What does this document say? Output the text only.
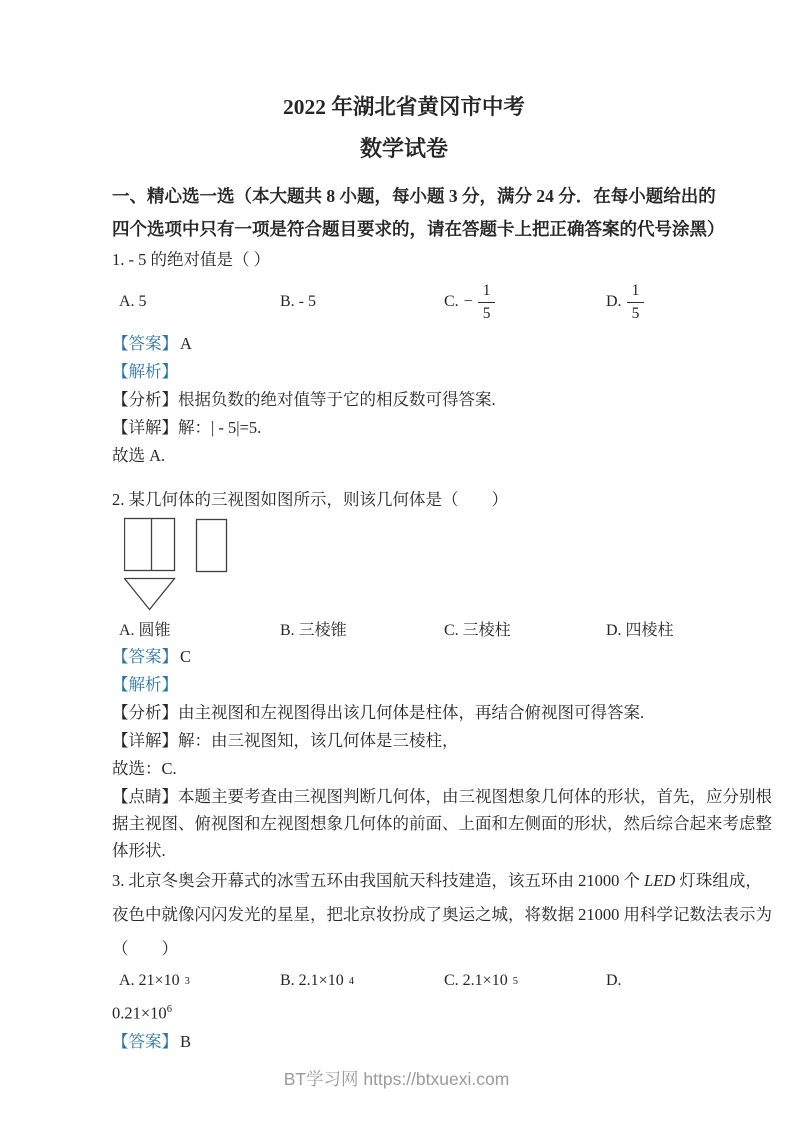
2022 年湖北省黄冈市中考
数学试卷
一、精心选一选（本大题共 8 小题，每小题 3 分，满分 24 分．在每小题给出的
四个选项中只有一项是符合题目要求的，请在答题卡上把正确答案的代号涂黑）
1. - 5 的绝对值是（ ）
A. 5	B. - 5	C. − $\frac{1}{5}$	D. $\frac{1}{5}$
【答案】 A
【解析】
【分析】根据负数的绝对值等于它的相反数可得答案.
【详解】解：| - 5|=5.
故选 A.
2. 某几何体的三视图如图所示，则该几何体是（　　）
A. 圆锥	B. 三棱锥	C. 三棱柱	D. 四棱柱
【答案】 C
【解析】
【分析】由主视图和左视图得出该几何体是柱体，再结合俯视图可得答案.
【详解】解：由三视图知，该几何体是三棱柱，
故选：C.
【点睛】本题主要考查由三视图判断几何体，由三视图想象几何体的形状，首先，应分别根
据主视图、俯视图和左视图想象几何体的前面、上面和左侧面的形状，然后综合起来考虑整
体形状.
3. 北京冬奥会开幕式的冰雪五环由我国航天科技建造，该五环由 21000 个 LED 灯珠组成，
夜色中就像闪闪发光的星星，把北京妆扮成了奥运之城，将数据 21000 用科学记数法表示为
（　　）
A. 21×10 3	B. 2.1×10 4	C. 2.1×10 5	D.
$0.21\times 10^6$
【答案】 B
BT学习网 https://btxuexi.com
